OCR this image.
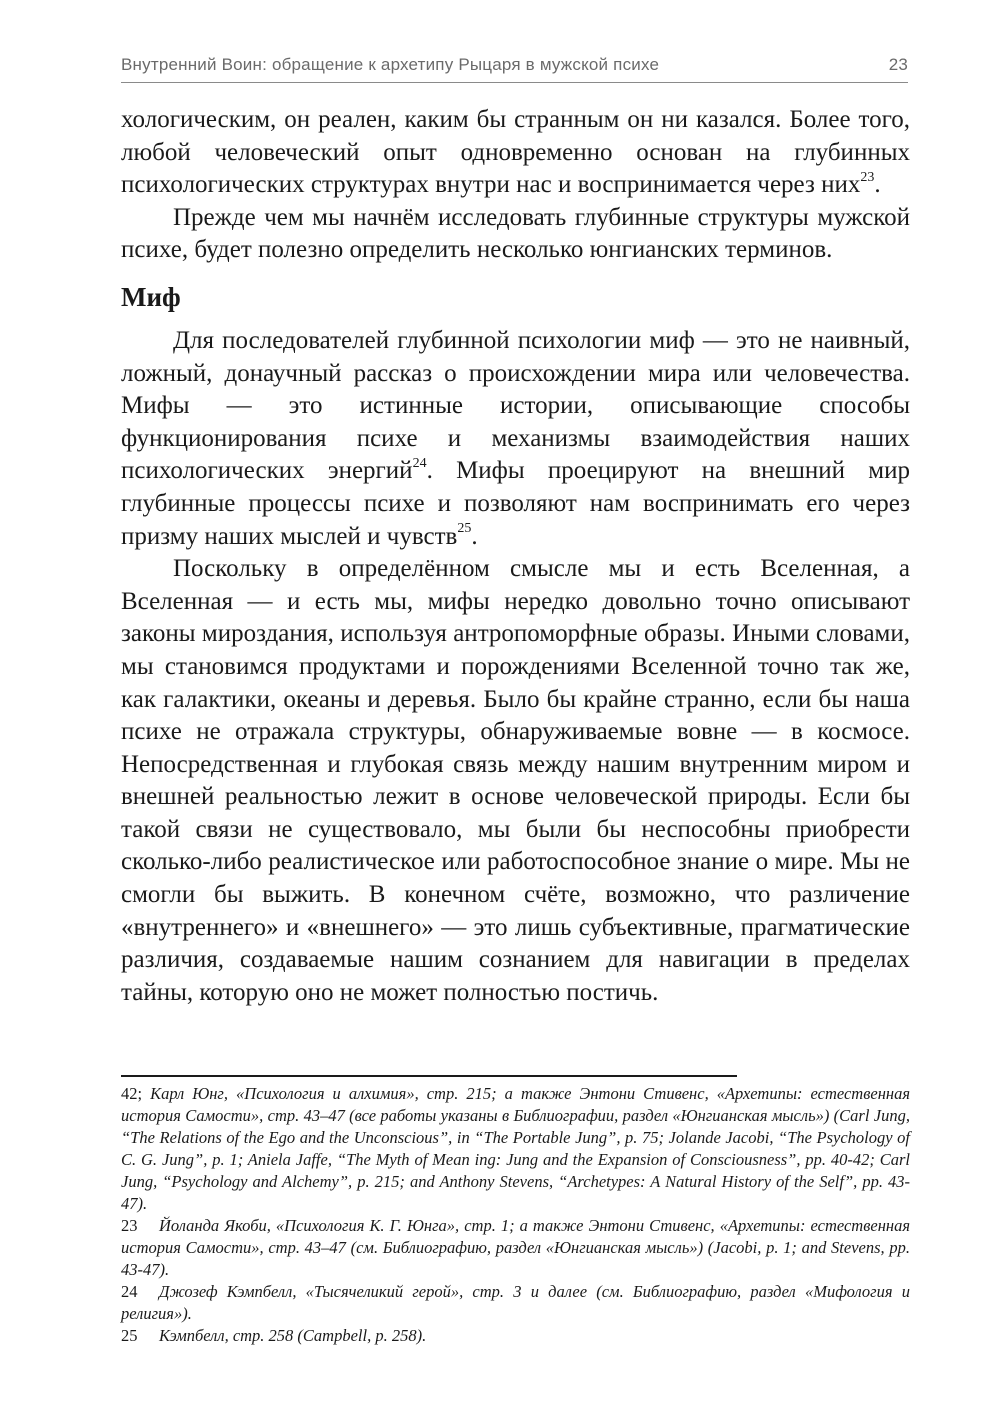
Внутренний Воин: обращение к архетипу Рыцаря в мужской психе	23

хологическим, он реален, каким бы странным он ни казался. Более того, любой человеческий опыт одновременно основан на глубинных психологических структурах внутри нас и воспринимается через них$^{23}$.

Прежде чем мы начнём исследовать глубинные структуры мужской психе, будет полезно определить несколько юнгианских терминов.

Миф

Для последователей глубинной психологии миф — это не наивный, ложный, донаучный рассказ о происхождении мира или человечества. Мифы — это истинные истории, описывающие способы функционирования психе и механизмы взаимодействия наших психологических энергий$^{24}$. Мифы проецируют на внешний мир глубинные процессы психе и позволяют нам воспринимать его через призму наших мыслей и чувств$^{25}$.

Поскольку в определённом смысле мы и есть Вселенная, а Вселенная — и есть мы, мифы нередко довольно точно описывают законы мироздания, используя антропоморфные образы. Иными словами, мы становимся продуктами и порождениями Вселенной точно так же, как галактики, океаны и деревья. Было бы крайне странно, если бы наша психе не отражала структуры, обнаруживаемые вовне — в космосе. Непосредственная и глубокая связь между нашим внутренним миром и внешней реальностью лежит в основе человеческой природы. Если бы такой связи не существовало, мы были бы неспособны приобрести сколько-либо реалистическое или работоспособное знание о мире. Мы не смогли бы выжить. В конечном счёте, возможно, что различение «внутреннего» и «внешнего» — это лишь субъективные, прагматические различия, создаваемые нашим сознанием для навигации в пределах тайны, которую оно не может полностью постичь.

42; Карл Юнг, «Психология и алхимия», стр. 215; а также Энтони Стивенс, «Архетипы: естественная история Самости», стр. 43–47 (все работы указаны в Библиографии, раздел «Юнгианская мысль») (Carl Jung, “The Relations of the Ego and the Unconscious”, in “The Portable Jung”, p. 75; Jolande Jacobi, “The Psychology of C. G. Jung”, p. 1; Aniela Jaffe, “The Myth of Mean ing: Jung and the Expansion of Consciousness”, pp. 40-42; Carl Jung, “Psychology and Alchemy”, p. 215; and Anthony Stevens, “Archetypes: A Natural History of the Self”, pp. 43-47).

23 Йоланда Якоби, «Психология К. Г. Юнга», стр. 1; а также Энтони Стивенс, «Архетипы: естественная история Самости», стр. 43–47 (см. Библиографию, раздел «Юнгианская мысль») (Jacobi, p. 1; and Stevens, pp. 43-47).

24 Джозеф Кэмпбелл, «Тысячеликий герой», стр. 3 и далее (см. Библиографию, раздел «Мифология и религия»).

25 Кэмпбелл, стр. 258 (Campbell, p. 258).
